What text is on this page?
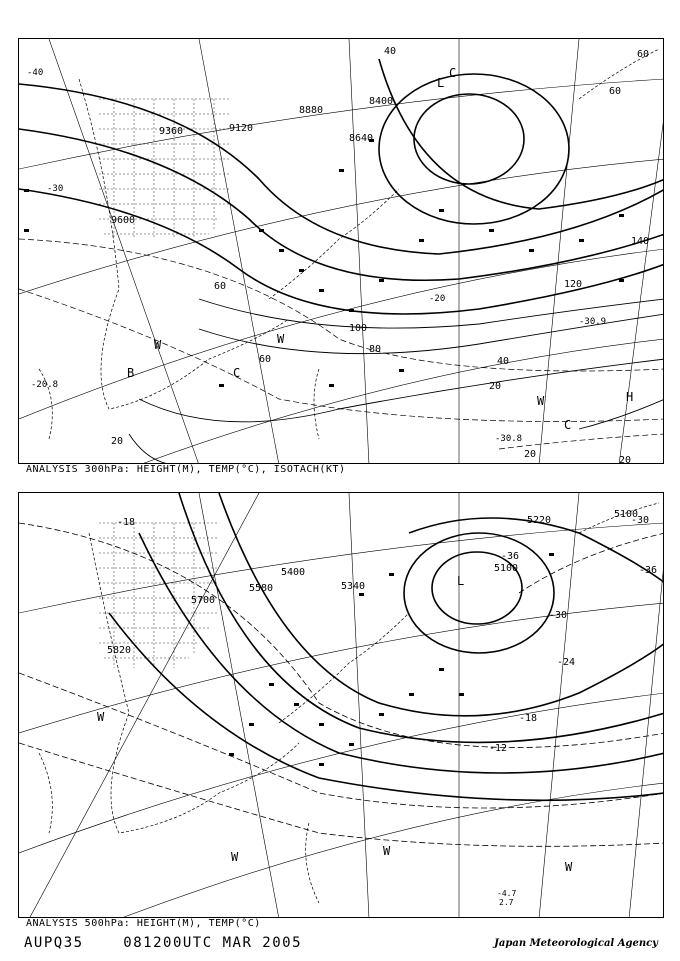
9360	9120
8880
8400
8640
9600
40
60
80
100
120
140
60	40
20
20
20
20
60
60
-40
-30
-30.8
-20
-20.8
-30.9
L
C
C
W
W
C
H
W
B
ANALYSIS 300hPa: HEIGHT(M), TEMP(°C), ISOTACH(KT)
5700
5580
5820
5400
5340
5100
5220
5100
-18
-36
-30
-24
-18
-12
-36
-30
W
W	W
W
L
-4.7
2.7
ANALYSIS 500hPa: HEIGHT(M), TEMP(°C)
AUPQ35	081200UTC MAR 2005	Japan Meteorological Agency
